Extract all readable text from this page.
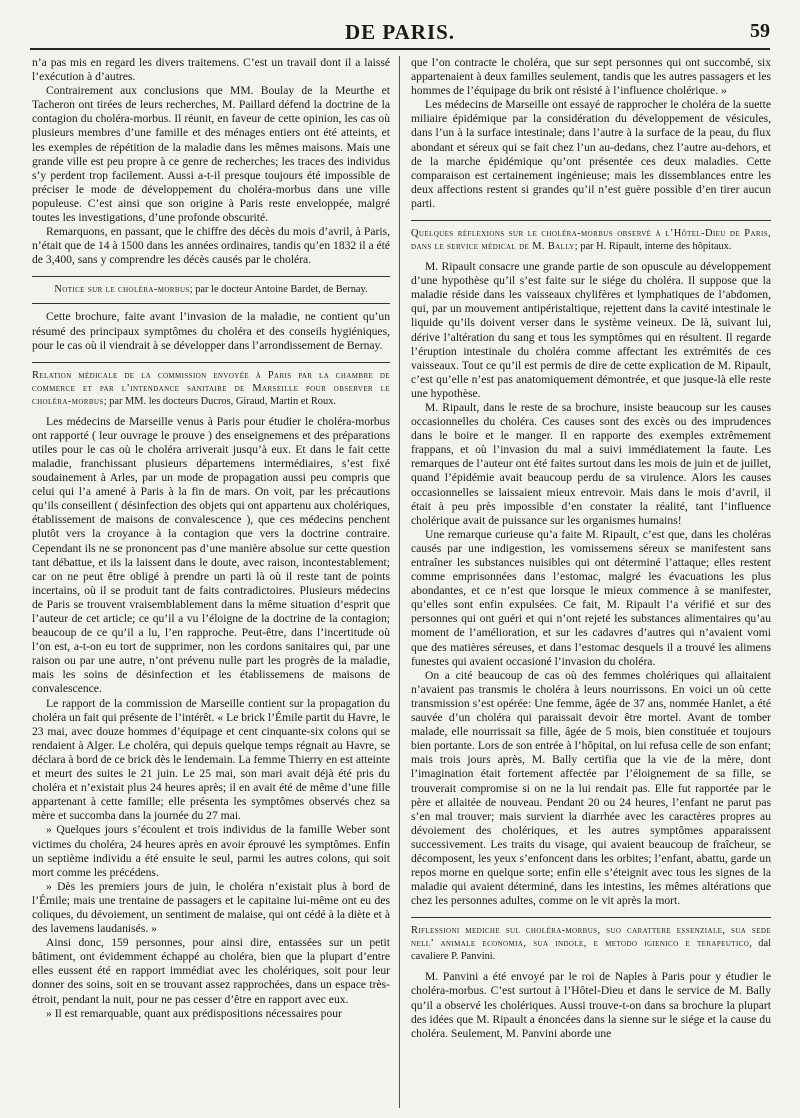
DE PARIS.	59

n’a pas mis en regard les divers traitemens. C’est un travail dont il a laissé l’exécution à d’autres.

Contrairement aux conclusions que MM. Boulay de la Meurthe et Tacheron ont tirées de leurs recherches, M. Paillard défend la doctrine de la contagion du choléra-morbus. Il réunit, en faveur de cette opinion, les cas où plusieurs membres d’une famille et des ménages entiers ont été atteints, et les exemples de répétition de la maladie dans les mêmes maisons. Mais une grande ville est peu propre à ce genre de recherches; les traces des individus s’y perdent trop facilement. Aussi a-t-il presque toujours été impossible de préciser le mode de développement du choléra-morbus dans une ville populeuse. C’est ainsi que son origine à Paris reste enveloppée, malgré toutes les investigations, d’une profonde obscurité.

Remarquons, en passant, que le chiffre des décès du mois d’avril, à Paris, n’était que de 14 à 1500 dans les années ordinaires, tandis qu’en 1832 il a été de 3,400, sans y comprendre les décès causés par le choléra.

Notice sur le choléra-morbus; par le docteur Antoine Bardet, de Bernay.

Cette brochure, faite avant l’invasion de la maladie, ne contient qu’un résumé des principaux symptômes du choléra et des conseils hygiéniques, pour le cas où il viendrait à se développer dans l’arrondissement de Bernay.

Relation médicale de la commission envoyée à Paris par la chambre de commerce et par l’intendance sanitaire de Marseille pour observer le choléra-morbus; par MM. les docteurs Ducros, Giraud, Martin et Roux.

Les médecins de Marseille venus à Paris pour étudier le choléra-morbus ont rapporté ( leur ouvrage le prouve ) des enseignemens et des préparations utiles pour le cas où le choléra arriverait jusqu’à eux. Et dans le fait cette maladie, franchissant plusieurs départemens intermédiaires, s’est fixé soudainement à Arles, par un mode de propagation aussi peu compris que celui qui l’a amené à Paris à la fin de mars. On voit, par les précautions qu’ils conseillent ( désinfection des objets qui ont appartenu aux cholériques, établissement de maisons de convalescence ), que ces médecins penchent plutôt vers la croyance à la contagion que vers la doctrine contraire. Cependant ils ne se prononcent pas d’une manière absolue sur cette question tant débattue, et ils la laissent dans le doute, avec raison, incontestablement; car on ne peut être obligé à prendre un parti là où il reste tant de points incertains, où il se produit tant de faits contradictoires. Plusieurs médecins de Paris se trouvent vraisemblablement dans la même situation d’esprit que l’auteur de cet article; ce qu’il a vu l’éloigne de la doctrine de la contagion; beaucoup de ce qu’il a lu, l’en rapproche. Peut-être, dans l’incertitude où l’on est, a-t-on eu tort de supprimer, non les cordons sanitaires qui, par une raison ou par une autre, n’ont prévenu nulle part les progrès de la maladie, mais les soins de désinfection et les établissemens de maisons de convalescence.

Le rapport de la commission de Marseille contient sur la propagation du choléra un fait qui présente de l’intérêt. « Le brick l’Émile partit du Havre, le 23 mai, avec douze hommes d’équipage et cent cinquante-six colons qui se rendaient à Alger. Le choléra, qui depuis quelque temps régnait au Havre, se déclara à bord de ce brick dès le lendemain. La femme Thierry en est atteinte et meurt des suites le 21 juin. Le 25 mai, son mari avait déjà été pris du choléra et n’existait plus 24 heures après; il en avait été de même d’une fille appartenant à cette famille; elle présenta les symptômes observés chez sa mère et succomba dans la journée du 27 mai.

» Quelques jours s’écoulent et trois individus de la famille Weber sont victimes du choléra, 24 heures après en avoir éprouvé les symptômes. Enfin un septième individu a été ensuite le seul, parmi les autres colons, qui soit mort comme les précédens.

» Dès les premiers jours de juin, le choléra n’existait plus à bord de l’Émile; mais une trentaine de passagers et le capitaine lui-même ont eu des coliques, du dévoiement, un sentiment de malaise, qui ont cédé à la diète et à des lavemens laudanisés. »

Ainsi donc, 159 personnes, pour ainsi dire, entassées sur un petit bâtiment, ont évidemment échappé au choléra, bien que la plupart d’entre elles eussent été en rapport immédiat avec les cholériques, soit pour leur donner des soins, soit en se trouvant assez rapprochées, dans un espace très-étroit, pendant la nuit, pour ne pas cesser d’être en rapport avec eux.

» Il est remarquable, quant aux prédispositions nécessaires pour

que l’on contracte le choléra, que sur sept personnes qui ont succombé, six appartenaient à deux familles seulement, tandis que les autres passagers et les hommes de l’équipage du brik ont résisté à l’influence cholérique. »

Les médecins de Marseille ont essayé de rapprocher le choléra de la suette miliaire épidémique par la considération du développement de vésicules, dans l’un à la surface intestinale; dans l’autre à la surface de la peau, du flux abondant et séreux qui se fait chez l’un au-dedans, chez l’autre au-dehors, et de la marche épidémique qu’ont présentée ces deux maladies. Cette comparaison est certainement ingénieuse; mais les dissemblances entre les deux affections restent si grandes qu’il n’est guère possible d’en tirer aucun parti.

Quelques réflexions sur le choléra-morbus observé à l’Hôtel-Dieu de Paris, dans le service médical de M. Bally; par H. Ripault, interne des hôpitaux.

M. Ripault consacre une grande partie de son opuscule au développement d’une hypothèse qu’il s’est faite sur le siége du choléra. Il suppose que la maladie réside dans les vaisseaux chylifères et lymphatiques de l’abdomen, qui, par un mouvement antipéristaltique, rejettent dans la cavité intestinale le liquide qu’ils doivent verser dans le système veineux. De là, suivant lui, dérive l’altération du sang et tous les symptômes qui en résultent. Il regarde l’éruption intestinale du choléra comme affectant les extrémités de ces vaisseaux. Tout ce qu’il est permis de dire de cette explication de M. Ripault, c’est qu’elle n’est pas anatomiquement démontrée, et que jusque-là elle reste une hypothèse.

M. Ripault, dans le reste de sa brochure, insiste beaucoup sur les causes occasionnelles du choléra. Ces causes sont des excès ou des imprudences dans le boire et le manger. Il en rapporte des exemples extrêmement frappans, et où l’invasion du mal a suivi immédiatement la faute. Les remarques de l’auteur ont été faites surtout dans les mois de juin et de juillet, quand l’épidémie avait beaucoup perdu de sa virulence. Alors les causes occasionnelles se laissaient mieux entrevoir. Mais dans le mois d’avril, il était à peu près impossible d’en constater la réalité, tant l’influence cholérique avait de puissance sur les organismes humains!

Une remarque curieuse qu’a faite M. Ripault, c’est que, dans les choléras causés par une indigestion, les vomissemens séreux se manifestent sans entraîner les substances nuisibles qui ont déterminé l’attaque; elles restent comme emprisonnées dans l’estomac, malgré les évacuations les plus abondantes, et ce n’est que lorsque le mieux commence à se manifester, qu’elles sont enfin expulsées. Ce fait, M. Ripault l’a vérifié et sur des personnes qui ont guéri et qui n’ont rejeté les substances alimentaires qu’au moment de l’amélioration, et sur les cadavres d’autres qui n’avaient vomi que des matières séreuses, et dans l’estomac desquels il a trouvé les alimens funestes qui avaient occasioné l’invasion du choléra.

On a cité beaucoup de cas où des femmes cholériques qui allaitaient n’avaient pas transmis le choléra à leurs nourrissons. En voici un où cette transmission s’est opérée: Une femme, âgée de 37 ans, nommée Hanlet, a été sauvée d’un choléra qui paraissait devoir être mortel. Avant de tomber malade, elle nourrissait sa fille, âgée de 5 mois, bien constituée et toujours bien portante. Lors de son entrée à l’hôpital, on lui refusa celle de son enfant; mais trois jours après, M. Bally certifia que la vie de la mère, dont l’imagination était fortement affectée par l’éloignement de sa fille, se trouverait compromise si on ne la lui rendait pas. Elle fut rapportée par le père et allaitée de nouveau. Pendant 20 ou 24 heures, l’enfant ne parut pas s’en mal trouver; mais survient la diarrhée avec les caractères propres au dévoiement des cholériques, et les autres symptômes apparaissent successivement. Les traits du visage, qui avaient beaucoup de fraîcheur, se décomposent, les yeux s’enfoncent dans les orbites; l’enfant, abattu, garde un repos morne en quelque sorte; enfin elle s’éteignit avec tous les signes de la maladie qui avaient déterminé, dans les intestins, les mêmes altérations que chez les personnes adultes, comme on le vit après la mort.

Riflessioni mediche sul choléra-morbus, suo carattere essenziale, sua sede nell’ animale economia, sua indole, e metodo igienico e terapeutico, dal cavaliere P. Panvini.

M. Panvini a été envoyé par le roi de Naples à Paris pour y étudier le choléra-morbus. C’est surtout à l’Hôtel-Dieu et dans le service de M. Bally qu’il a observé les cholériques. Aussi trouve-t-on dans sa brochure la plupart des idées que M. Ripault a énoncées dans la sienne sur le siége et la cause du choléra. Seulement, M. Panvini aborde une
